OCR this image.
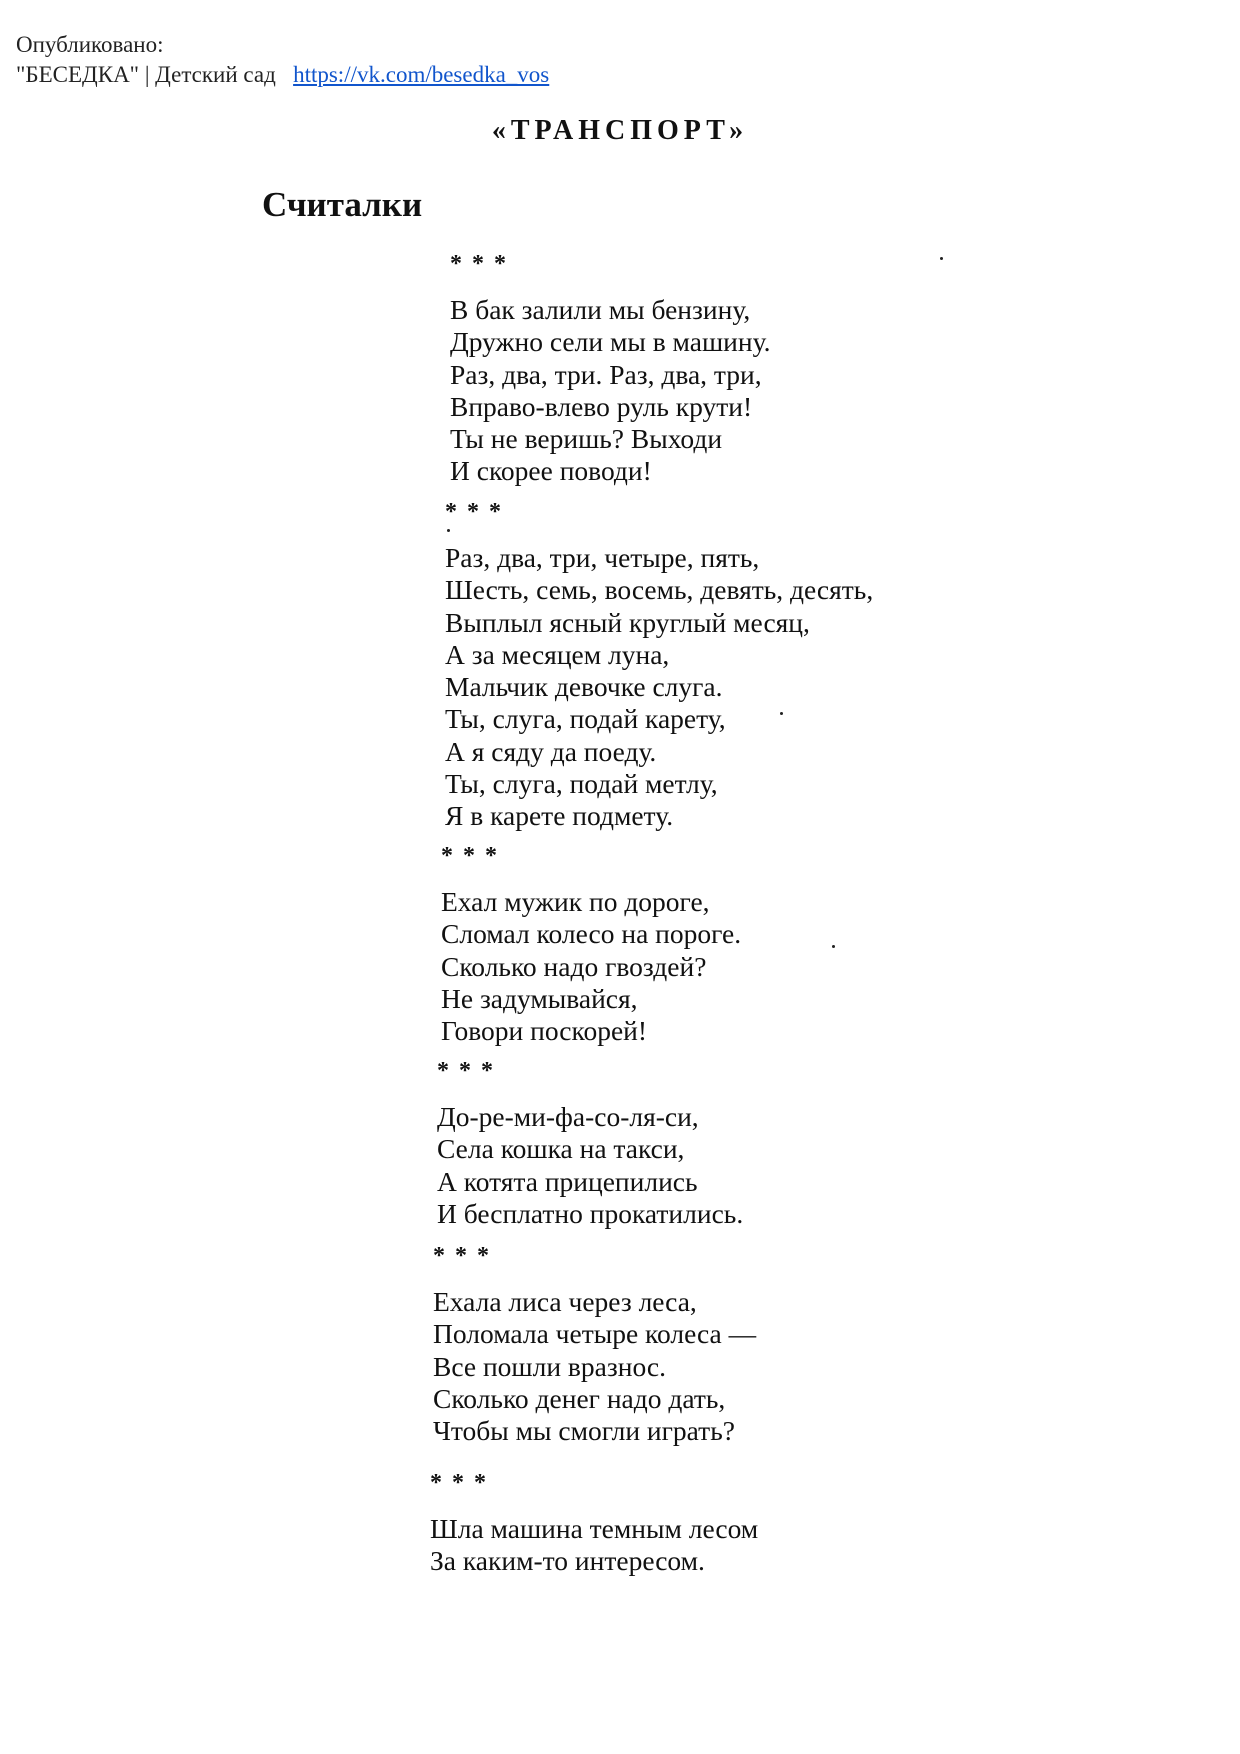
Опубликовано:
"БЕСЕДКА" | Детский сад https://vk.com/besedka_vos
«ТРАНСПОРТ»
Считалки
* * *
В бак залили мы бензину,
Дружно сели мы в машину.
Раз, два, три. Раз, два, три,
Вправо-влево руль крути!
Ты не веришь? Выходи
И скорее поводи!
* * *
Раз, два, три, четыре, пять,
Шесть, семь, восемь, девять, десять,
Выплыл ясный круглый месяц,
А за месяцем луна,
Мальчик девочке слуга.
Ты, слуга, подай карету,
А я сяду да поеду.
Ты, слуга, подай метлу,
Я в карете подмету.
* * *
Ехал мужик по дороге,
Сломал колесо на пороге.
Сколько надо гвоздей?
Не задумывайся,
Говори поскорей!
* * *
До-ре-ми-фа-со-ля-си,
Села кошка на такси,
А котята прицепились
И бесплатно прокатились.
* * *
Ехала лиса через леса,
Поломала четыре колеса —
Все пошли вразнос.
Сколько денег надо дать,
Чтобы мы смогли играть?
* * *
Шла машина темным лесом
За каким-то интересом.
